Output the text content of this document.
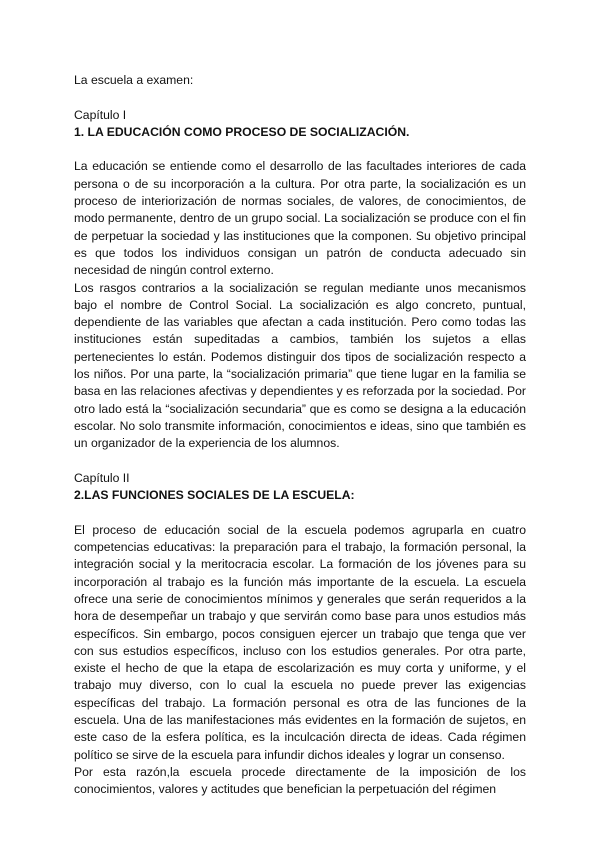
La escuela a examen:

Capítulo I

1. LA EDUCACIÓN COMO PROCESO DE SOCIALIZACIÓN.

La educación se entiende como el desarrollo de las facultades interiores de cada persona o de su incorporación a la cultura. Por otra parte, la socialización es un proceso de interiorización de normas sociales, de valores, de conocimientos, de modo permanente, dentro de un grupo social. La socialización se produce con el fin de perpetuar la sociedad y las instituciones que la componen. Su objetivo principal es que todos los individuos consigan un patrón de conducta adecuado sin necesidad de ningún control externo.

Los rasgos contrarios a la socialización se regulan mediante unos mecanismos bajo el nombre de Control Social. La socialización es algo concreto, puntual, dependiente de las variables que afectan a cada institución. Pero como todas las instituciones están supeditadas a cambios, también los sujetos a ellas pertenecientes lo están. Podemos distinguir dos tipos de socialización respecto a los niños. Por una parte, la “socialización primaria” que tiene lugar en la familia se basa en las relaciones afectivas y dependientes y es reforzada por la sociedad. Por otro lado está la “socialización secundaria” que es como se designa a la educación escolar. No solo transmite información, conocimientos e ideas, sino que también es un organizador de la experiencia de los alumnos.

Capítulo II

2.LAS FUNCIONES SOCIALES DE LA ESCUELA:

El proceso de educación social de la escuela podemos agruparla en cuatro competencias educativas: la preparación para el trabajo, la formación personal, la integración social y la meritocracia escolar. La formación de los jóvenes para su incorporación al trabajo es la función más importante de la escuela. La escuela ofrece una serie de conocimientos mínimos y generales que serán requeridos a la hora de desempeñar un trabajo y que servirán como base para unos estudios más específicos. Sin embargo, pocos consiguen ejercer un trabajo que tenga que ver con sus estudios específicos, incluso con los estudios generales. Por otra parte, existe el hecho de que la etapa de escolarización es muy corta y uniforme, y el trabajo muy diverso, con lo cual la escuela no puede prever las exigencias específicas del trabajo. La formación personal es otra de las funciones de la escuela. Una de las manifestaciones más evidentes en la formación de sujetos, en este caso de la esfera política, es la inculcación directa de ideas. Cada régimen político se sirve de la escuela para infundir dichos ideales y lograr un consenso.

Por esta razón,la escuela procede directamente de la imposición de los conocimientos, valores y actitudes que benefician la perpetuación del régimen
